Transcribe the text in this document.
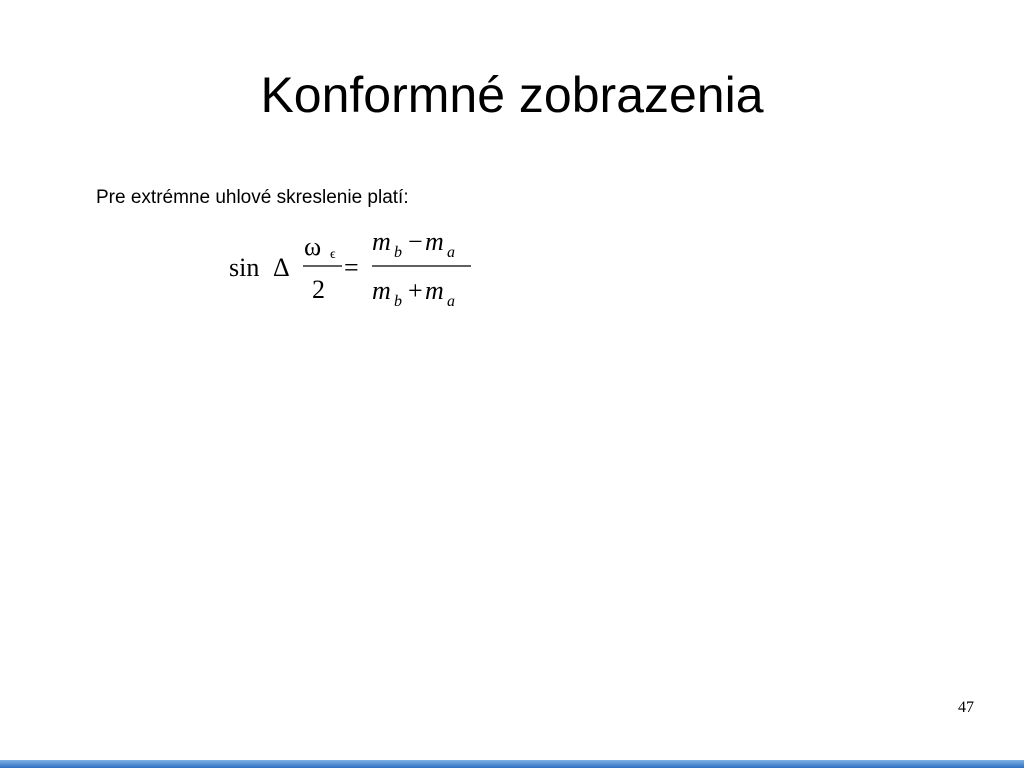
Konformné zobrazenia
Pre extrémne uhlové skreslenie platí:
sin Δ
ω ϵ
2
=
m b − m a
m b + m a
47
